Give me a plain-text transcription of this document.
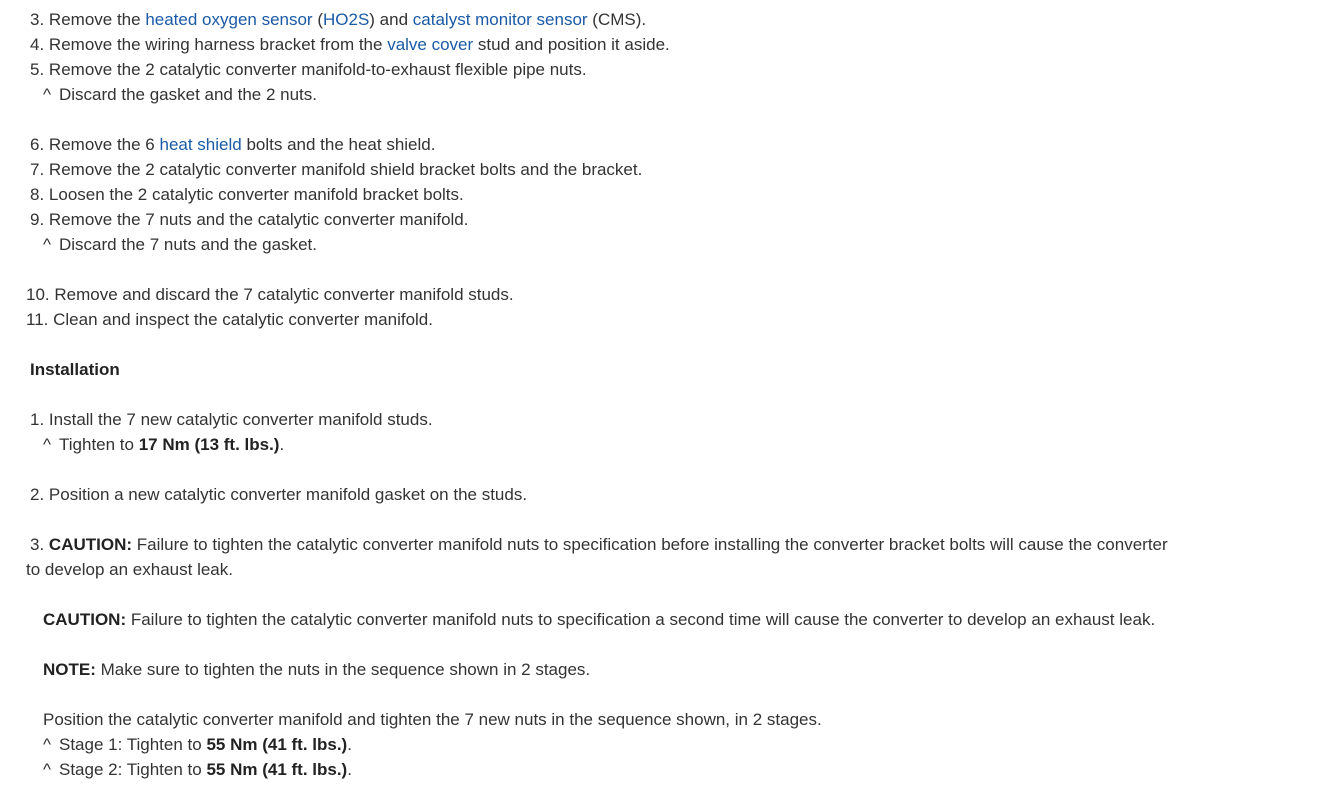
3. Remove the heated oxygen sensor (HO2S) and catalyst monitor sensor (CMS).
4. Remove the wiring harness bracket from the valve cover stud and position it aside.
5. Remove the 2 catalytic converter manifold-to-exhaust flexible pipe nuts.
^ Discard the gasket and the 2 nuts.
6. Remove the 6 heat shield bolts and the heat shield.
7. Remove the 2 catalytic converter manifold shield bracket bolts and the bracket.
8. Loosen the 2 catalytic converter manifold bracket bolts.
9. Remove the 7 nuts and the catalytic converter manifold.
^ Discard the 7 nuts and the gasket.
10. Remove and discard the 7 catalytic converter manifold studs.
11. Clean and inspect the catalytic converter manifold.
Installation
1. Install the 7 new catalytic converter manifold studs.
^ Tighten to 17 Nm (13 ft. lbs.).
2. Position a new catalytic converter manifold gasket on the studs.
3. CAUTION: Failure to tighten the catalytic converter manifold nuts to specification before installing the converter bracket bolts will cause the converter
to develop an exhaust leak.
CAUTION: Failure to tighten the catalytic converter manifold nuts to specification a second time will cause the converter to develop an exhaust leak.
NOTE: Make sure to tighten the nuts in the sequence shown in 2 stages.
Position the catalytic converter manifold and tighten the 7 new nuts in the sequence shown, in 2 stages.
^ Stage 1: Tighten to 55 Nm (41 ft. lbs.).
^ Stage 2: Tighten to 55 Nm (41 ft. lbs.).
